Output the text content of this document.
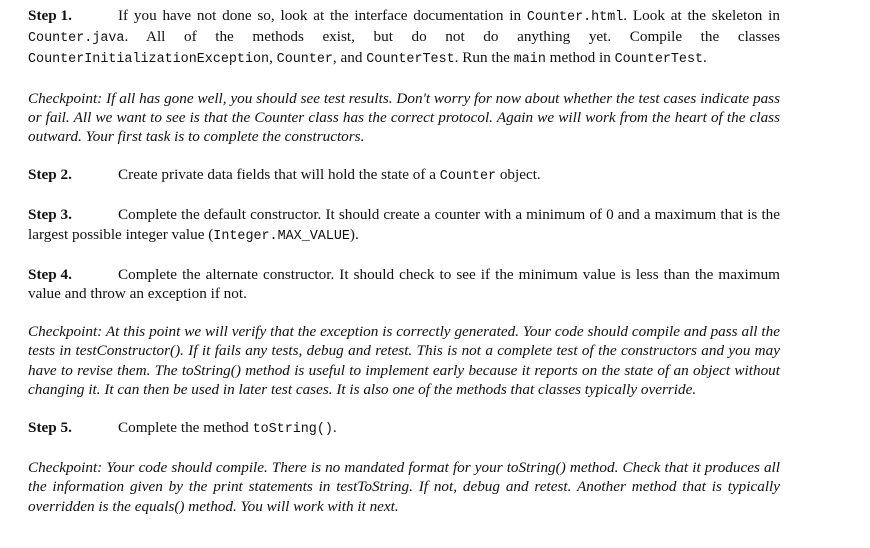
Step 1.	If you have not done so, look at the interface documentation in Counter.html. Look at the skeleton in Counter.java. All of the methods exist, but do not do anything yet. Compile the classes CounterInitializationException, Counter, and CounterTest. Run the main method in CounterTest.

Checkpoint: If all has gone well, you should see test results. Don't worry for now about whether the test cases indicate pass or fail. All we want to see is that the Counter class has the correct protocol. Again we will work from the heart of the class outward. Your first task is to complete the constructors.

Step 2.	Create private data fields that will hold the state of a Counter object.

Step 3.	Complete the default constructor. It should create a counter with a minimum of 0 and a maximum that is the largest possible integer value (Integer.MAX_VALUE).

Step 4.	Complete the alternate constructor. It should check to see if the minimum value is less than the maximum value and throw an exception if not.

Checkpoint: At this point we will verify that the exception is correctly generated. Your code should compile and pass all the tests in testConstructor(). If it fails any tests, debug and retest. This is not a complete test of the constructors and you may have to revise them. The toString() method is useful to implement early because it reports on the state of an object without changing it. It can then be used in later test cases. It is also one of the methods that classes typically override.

Step 5.	Complete the method toString().

Checkpoint: Your code should compile. There is no mandated format for your toString() method. Check that it produces all the information given by the print statements in testToString. If not, debug and retest. Another method that is typically overridden is the equals() method. You will work with it next.
